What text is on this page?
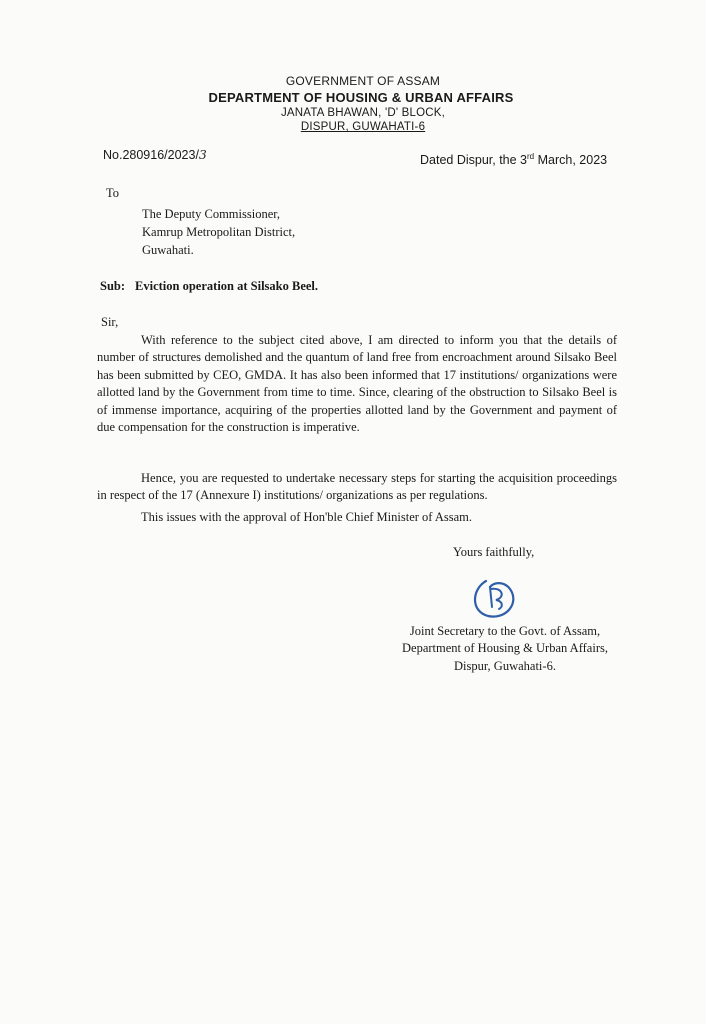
GOVERNMENT OF ASSAM
DEPARTMENT OF HOUSING & URBAN AFFAIRS
JANATA BHAWAN, 'D' BLOCK,
DISPUR, GUWAHATI-6
No.280916/2023/3	Dated Dispur, the 3rd March, 2023
To
The Deputy Commissioner,
Kamrup Metropolitan District,
Guwahati.
Sub: Eviction operation at Silsako Beel.
Sir,
With reference to the subject cited above, I am directed to inform you that the details of number of structures demolished and the quantum of land free from encroachment around Silsako Beel has been submitted by CEO, GMDA. It has also been informed that 17 institutions/ organizations were allotted land by the Government from time to time. Since, clearing of the obstruction to Silsako Beel is of immense importance, acquiring of the properties allotted land by the Government and payment of due compensation for the construction is imperative.
Hence, you are requested to undertake necessary steps for starting the acquisition proceedings in respect of the 17 (Annexure I) institutions/ organizations as per regulations.
This issues with the approval of Hon'ble Chief Minister of Assam.
Yours faithfully,
Joint Secretary to the Govt. of Assam,
Department of Housing & Urban Affairs,
Dispur, Guwahati-6.
